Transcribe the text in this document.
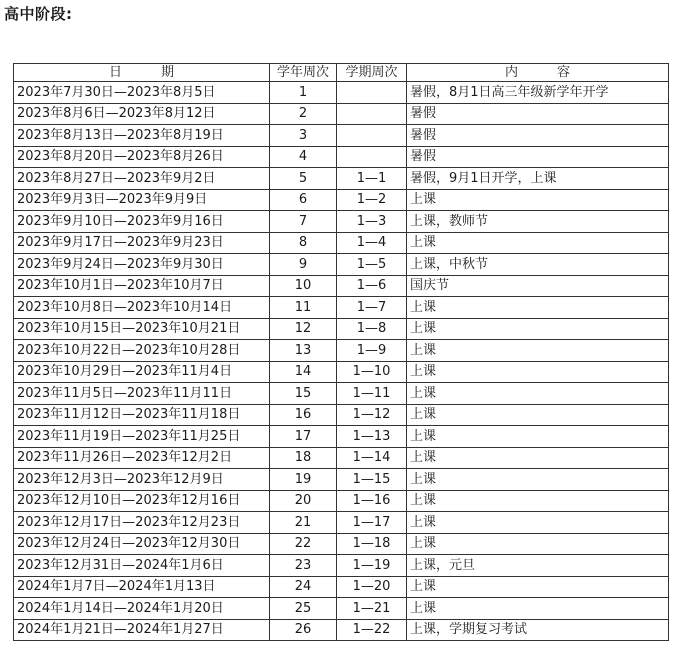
高中阶段:
日　　　期	学年周次	学期周次	内　　　容
2023年7月30日—2023年8月5日	1		暑假，8月1日高三年级新学年开学
2023年8月6日—2023年8月12日	2		暑假
2023年8月13日—2023年8月19日	3		暑假
2023年8月20日—2023年8月26日	4		暑假
2023年8月27日—2023年9月2日	5	1—1	暑假，9月1日开学，上课
2023年9月3日—2023年9月9日	6	1—2	上课
2023年9月10日—2023年9月16日	7	1—3	上课，教师节
2023年9月17日—2023年9月23日	8	1—4	上课
2023年9月24日—2023年9月30日	9	1—5	上课，中秋节
2023年10月1日—2023年10月7日	10	1—6	国庆节
2023年10月8日—2023年10月14日	11	1—7	上课
2023年10月15日—2023年10月21日	12	1—8	上课
2023年10月22日—2023年10月28日	13	1—9	上课
2023年10月29日—2023年11月4日	14	1—10	上课
2023年11月5日—2023年11月11日	15	1—11	上课
2023年11月12日—2023年11月18日	16	1—12	上课
2023年11月19日—2023年11月25日	17	1—13	上课
2023年11月26日—2023年12月2日	18	1—14	上课
2023年12月3日—2023年12月9日	19	1—15	上课
2023年12月10日—2023年12月16日	20	1—16	上课
2023年12月17日—2023年12月23日	21	1—17	上课
2023年12月24日—2023年12月30日	22	1—18	上课
2023年12月31日—2024年1月6日	23	1—19	上课，元旦
2024年1月7日—2024年1月13日	24	1—20	上课
2024年1月14日—2024年1月20日	25	1—21	上课
2024年1月21日—2024年1月27日	26	1—22	上课，学期复习考试
